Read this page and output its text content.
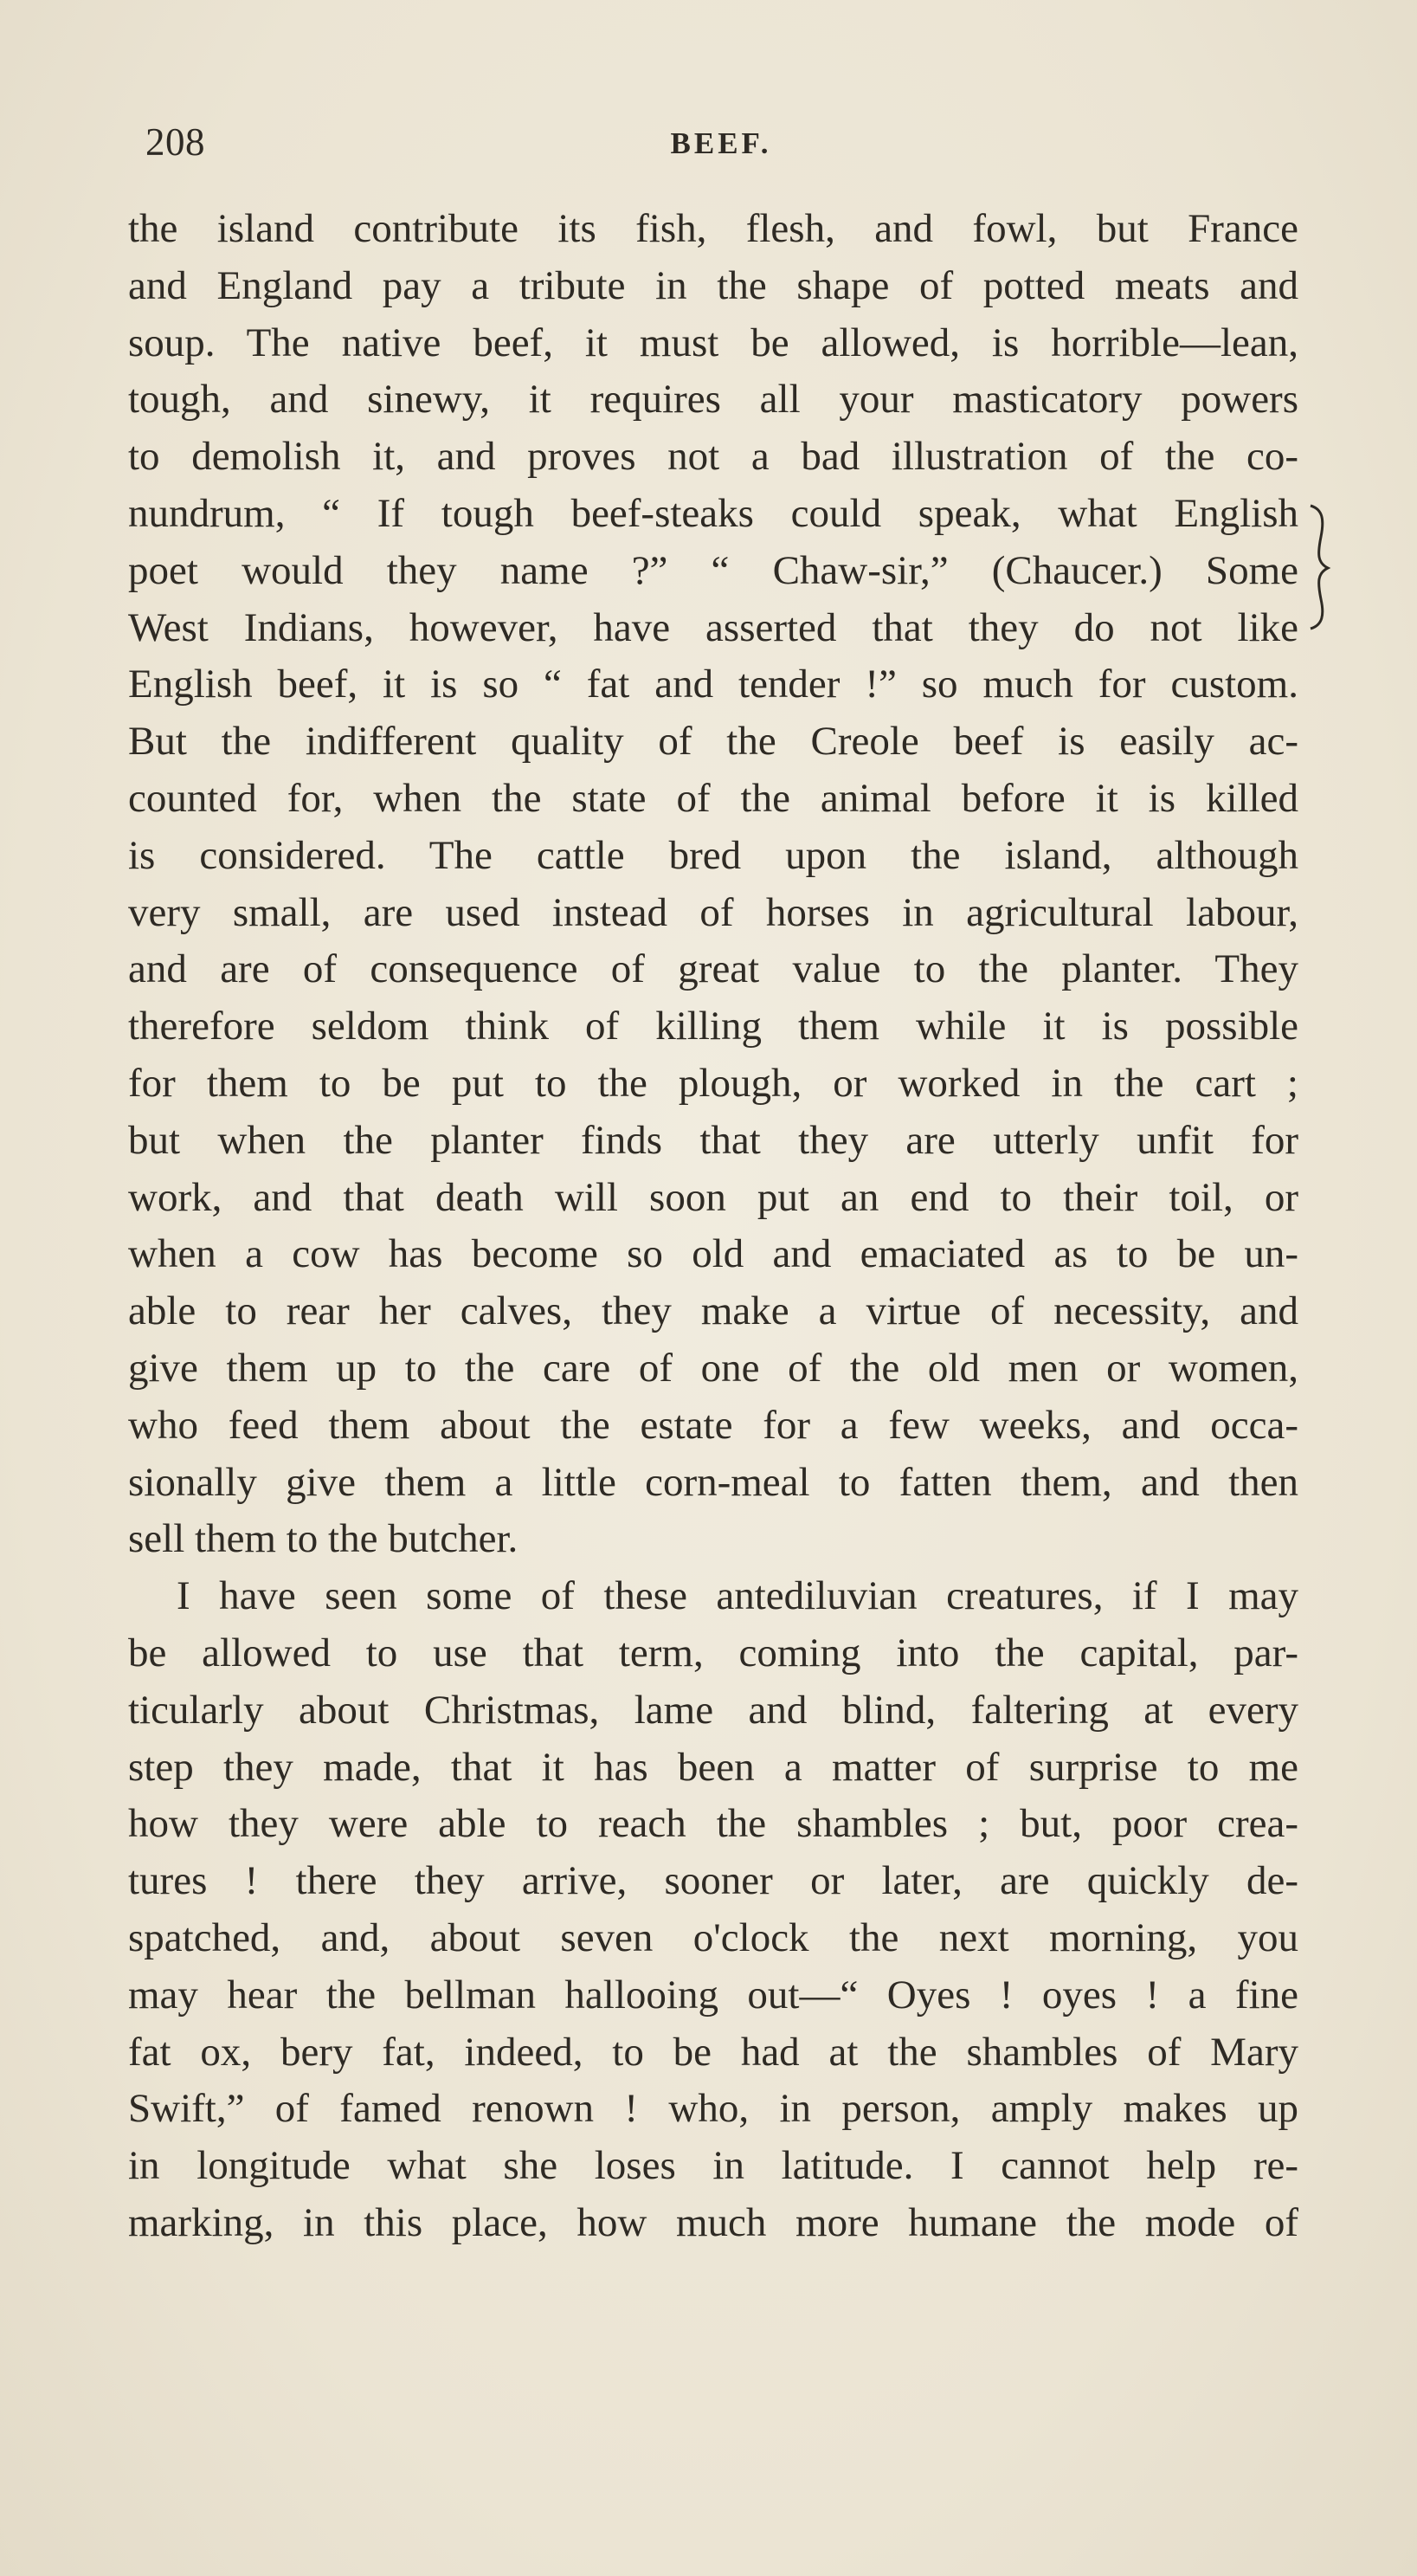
208	BEEF.
the island contribute its fish, flesh, and fowl, but France
and England pay a tribute in the shape of potted meats and
soup. The native beef, it must be allowed, is horrible—lean,
tough, and sinewy, it requires all your masticatory powers
to demolish it, and proves not a bad illustration of the co-
nundrum, “ If tough beef-steaks could speak, what English
poet would they name ?” “ Chaw-sir,” (Chaucer.) Some
West Indians, however, have asserted that they do not like
English beef, it is so “ fat and tender !” so much for custom.
But the indifferent quality of the Creole beef is easily ac-
counted for, when the state of the animal before it is killed
is considered. The cattle bred upon the island, although
very small, are used instead of horses in agricultural labour,
and are of consequence of great value to the planter. They
therefore seldom think of killing them while it is possible
for them to be put to the plough, or worked in the cart ;
but when the planter finds that they are utterly unfit for
work, and that death will soon put an end to their toil, or
when a cow has become so old and emaciated as to be un-
able to rear her calves, they make a virtue of necessity, and
give them up to the care of one of the old men or women,
who feed them about the estate for a few weeks, and occa-
sionally give them a little corn-meal to fatten them, and then
sell them to the butcher.
I have seen some of these antediluvian creatures, if I may
be allowed to use that term, coming into the capital, par-
ticularly about Christmas, lame and blind, faltering at every
step they made, that it has been a matter of surprise to me
how they were able to reach the shambles ; but, poor crea-
tures ! there they arrive, sooner or later, are quickly de-
spatched, and, about seven o'clock the next morning, you
may hear the bellman hallooing out—“ Oyes ! oyes ! a fine
fat ox, bery fat, indeed, to be had at the shambles of Mary
Swift,” of famed renown ! who, in person, amply makes up
in longitude what she loses in latitude. I cannot help re-
marking, in this place, how much more humane the mode of
